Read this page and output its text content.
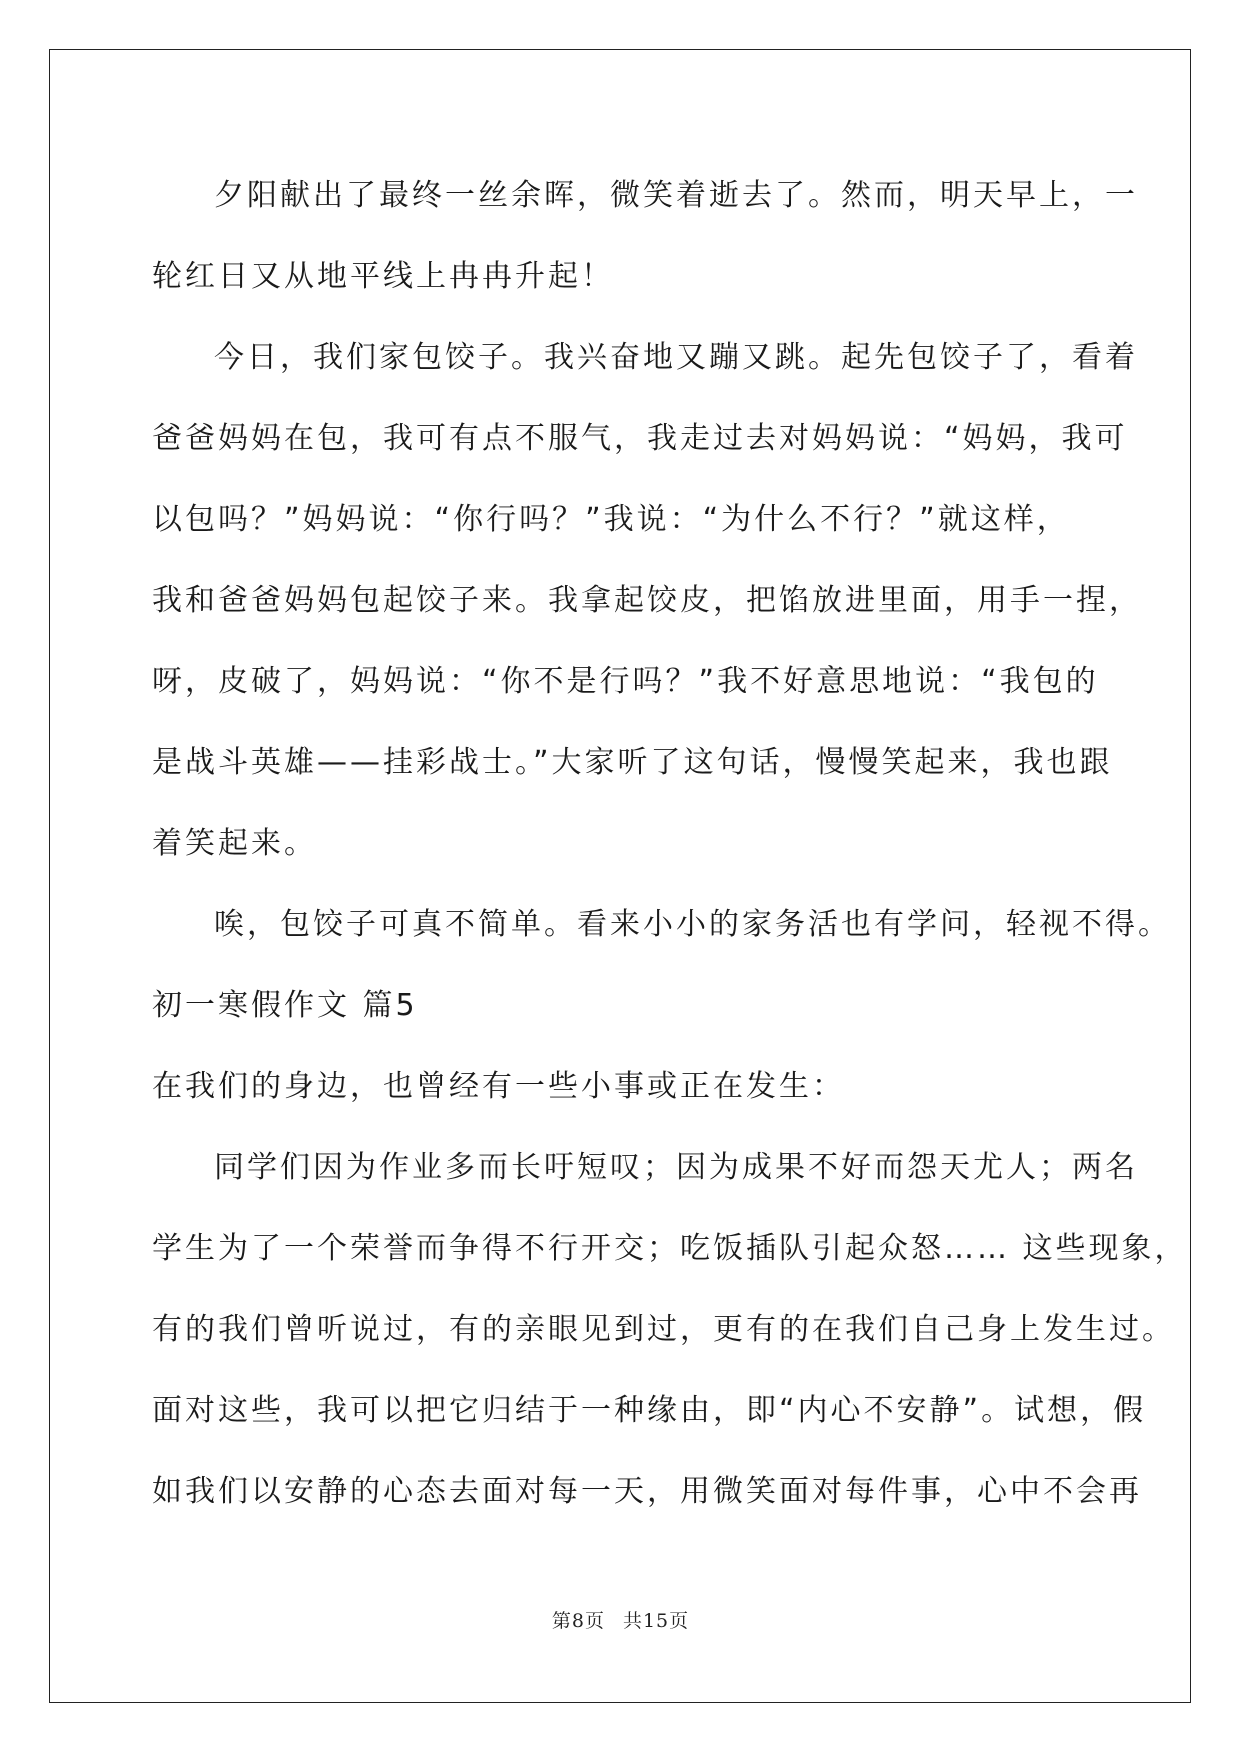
夕阳献出了最终一丝余晖，微笑着逝去了。然而，明天早上，一
轮红日又从地平线上冉冉升起！
今日，我们家包饺子。我兴奋地又蹦又跳。起先包饺子了，看着
爸爸妈妈在包，我可有点不服气，我走过去对妈妈说：“妈妈，我可
以包吗？”妈妈说：“你行吗？”我说：“为什么不行？”就这样，
我和爸爸妈妈包起饺子来。我拿起饺皮，把馅放进里面，用手一捏，
呀，皮破了，妈妈说：“你不是行吗？”我不好意思地说：“我包的
是战斗英雄——挂彩战士。”大家听了这句话，慢慢笑起来，我也跟
着笑起来。
唉，包饺子可真不简单。看来小小的家务活也有学问，轻视不得。
初一寒假作文 篇5
在我们的身边，也曾经有一些小事或正在发生：
同学们因为作业多而长吁短叹；因为成果不好而怨天尤人；两名
学生为了一个荣誉而争得不行开交；吃饭插队引起众怒…… 这些现象，
有的我们曾听说过，有的亲眼见到过，更有的在我们自己身上发生过。
面对这些，我可以把它归结于一种缘由，即“内心不安静”。试想，假
如我们以安静的心态去面对每一天，用微笑面对每件事，心中不会再
第8页 共15页
